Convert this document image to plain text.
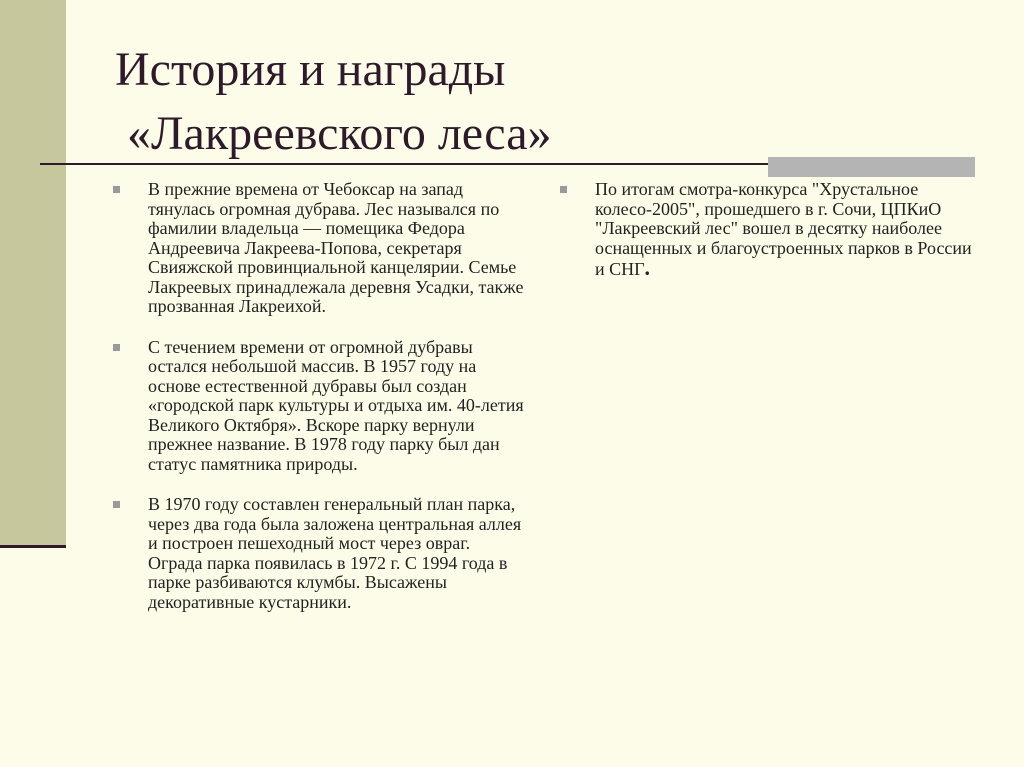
История и награды
«Лакреевского леса»
В прежние времена от Чебоксар на запад тянулась огромная дубрава. Лес назывался по фамилии владельца — помещика Федора Андреевича Лакреева-Попова, секретаря Свияжской провинциальной канцелярии. Семье Лакреевых принадлежала деревня Усадки, также прозванная Лакреихой.
С течением времени от огромной дубравы остался небольшой массив. В 1957 году на основе естественной дубравы был создан «городской парк культуры и отдыха им. 40-летия Великого Октября». Вскоре парку вернули прежнее название. В 1978 году парку был дан статус памятника природы.
В 1970 году составлен генеральный план парка, через два года была заложена центральная аллея и построен пешеходный мост через овраг. Ограда парка появилась в 1972 г. С 1994 года в парке разбиваются клумбы. Высажены декоративные кустарники.
По итогам смотра-конкурса "Хрустальное колесо-2005", прошедшего в г. Сочи, ЦПКиО "Лакреевский лес" вошел в десятку наиболее оснащенных и благоустроенных парков в России и СНГ.
